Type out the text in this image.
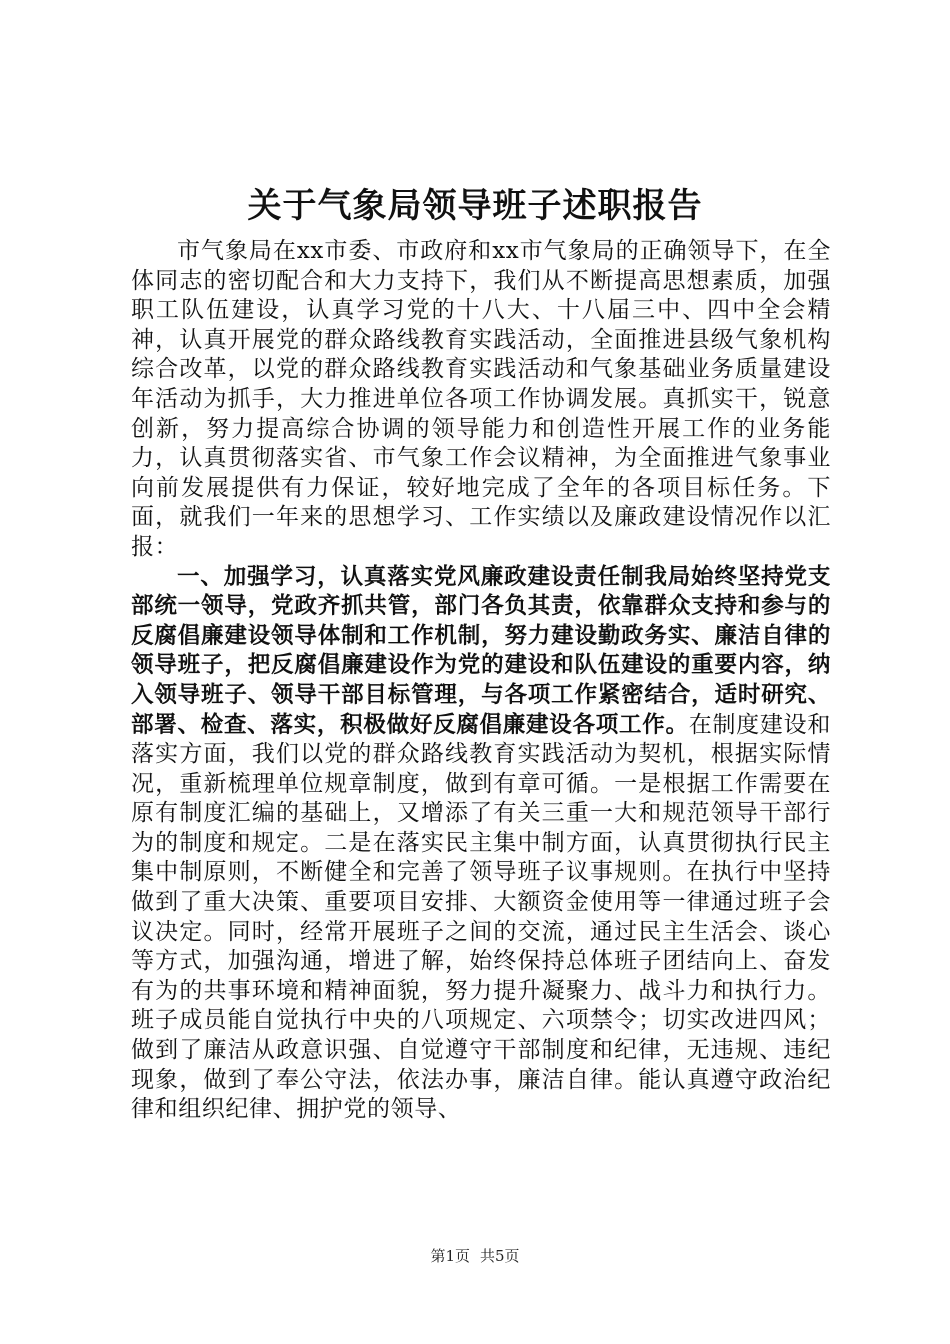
关于气象局领导班子述职报告

市气象局在xx市委、市政府和xx市气象局的正确领导下，在全体同志的密切配合和大力支持下，我们从不断提高思想素质，加强职工队伍建设，认真学习党的十八大、十八届三中、四中全会精神，认真开展党的群众路线教育实践活动，全面推进县级气象机构综合改革，以党的群众路线教育实践活动和气象基础业务质量建设年活动为抓手，大力推进单位各项工作协调发展。真抓实干，锐意创新，努力提高综合协调的领导能力和创造性开展工作的业务能力，认真贯彻落实省、市气象工作会议精神，为全面推进气象事业向前发展提供有力保证，较好地完成了全年的各项目标任务。下面，就我们一年来的思想学习、工作实绩以及廉政建设情况作以汇报：

一、加强学习，认真落实党风廉政建设责任制我局始终坚持党支部统一领导，党政齐抓共管，部门各负其责，依靠群众支持和参与的反腐倡廉建设领导体制和工作机制，努力建设勤政务实、廉洁自律的领导班子，把反腐倡廉建设作为党的建设和队伍建设的重要内容，纳入领导班子、领导干部目标管理，与各项工作紧密结合，适时研究、部署、检查、落实，积极做好反腐倡廉建设各项工作。在制度建设和落实方面，我们以党的群众路线教育实践活动为契机，根据实际情况，重新梳理单位规章制度，做到有章可循。一是根据工作需要在原有制度汇编的基础上，又增添了有关三重一大和规范领导干部行为的制度和规定。二是在落实民主集中制方面，认真贯彻执行民主集中制原则，不断健全和完善了领导班子议事规则。在执行中坚持做到了重大决策、重要项目安排、大额资金使用等一律通过班子会议决定。同时，经常开展班子之间的交流，通过民主生活会、谈心等方式，加强沟通，增进了解，始终保持总体班子团结向上、奋发有为的共事环境和精神面貌，努力提升凝聚力、战斗力和执行力。班子成员能自觉执行中央的八项规定、六项禁令；切实改进四风；做到了廉洁从政意识强、自觉遵守干部制度和纪律，无违规、违纪现象，做到了奉公守法，依法办事，廉洁自律。能认真遵守政治纪律和组织纪律、拥护党的领导、

第1页 共5页
